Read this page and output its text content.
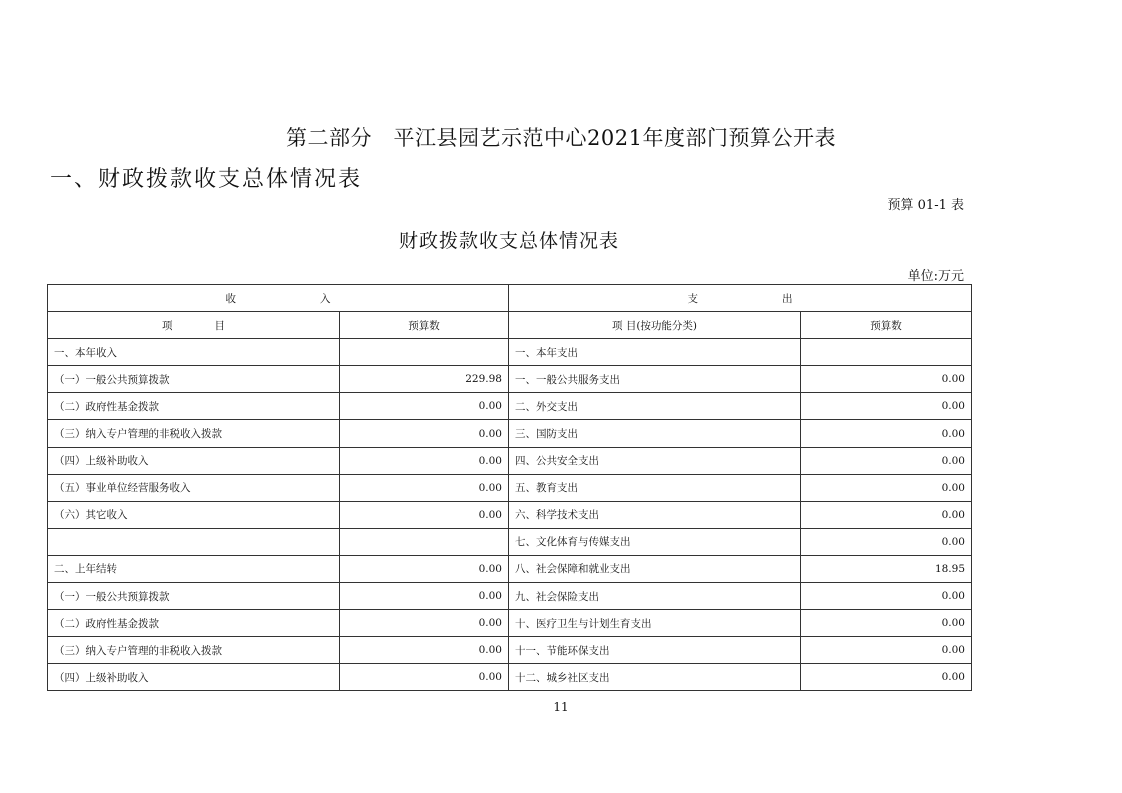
第二部分　平江县园艺示范中心2021年度部门预算公开表
一、财政拨款收支总体情况表
预算 01-1 表
财政拨款收支总体情况表
单位:万元
收　　　　　　　　入		支　　　　　　　　出	
项　　　　目	预算数	项 目(按功能分类)	预算数
一、本年收入		一、本年支出	
（一）一般公共预算拨款	229.98	一、一般公共服务支出	0.00
（二）政府性基金拨款	0.00	二、外交支出	0.00
（三）纳入专户管理的非税收入拨款	0.00	三、国防支出	0.00
（四）上级补助收入	0.00	四、公共安全支出	0.00
（五）事业单位经营服务收入	0.00	五、教育支出	0.00
（六）其它收入	0.00	六、科学技术支出	0.00
		七、文化体育与传媒支出	0.00
二、上年结转	0.00	八、社会保障和就业支出	18.95
（一）一般公共预算拨款	0.00	九、社会保险支出	0.00
（二）政府性基金拨款	0.00	十、医疗卫生与计划生育支出	0.00
（三）纳入专户管理的非税收入拨款	0.00	十一、节能环保支出	0.00
（四）上级补助收入	0.00	十二、城乡社区支出	0.00
11
